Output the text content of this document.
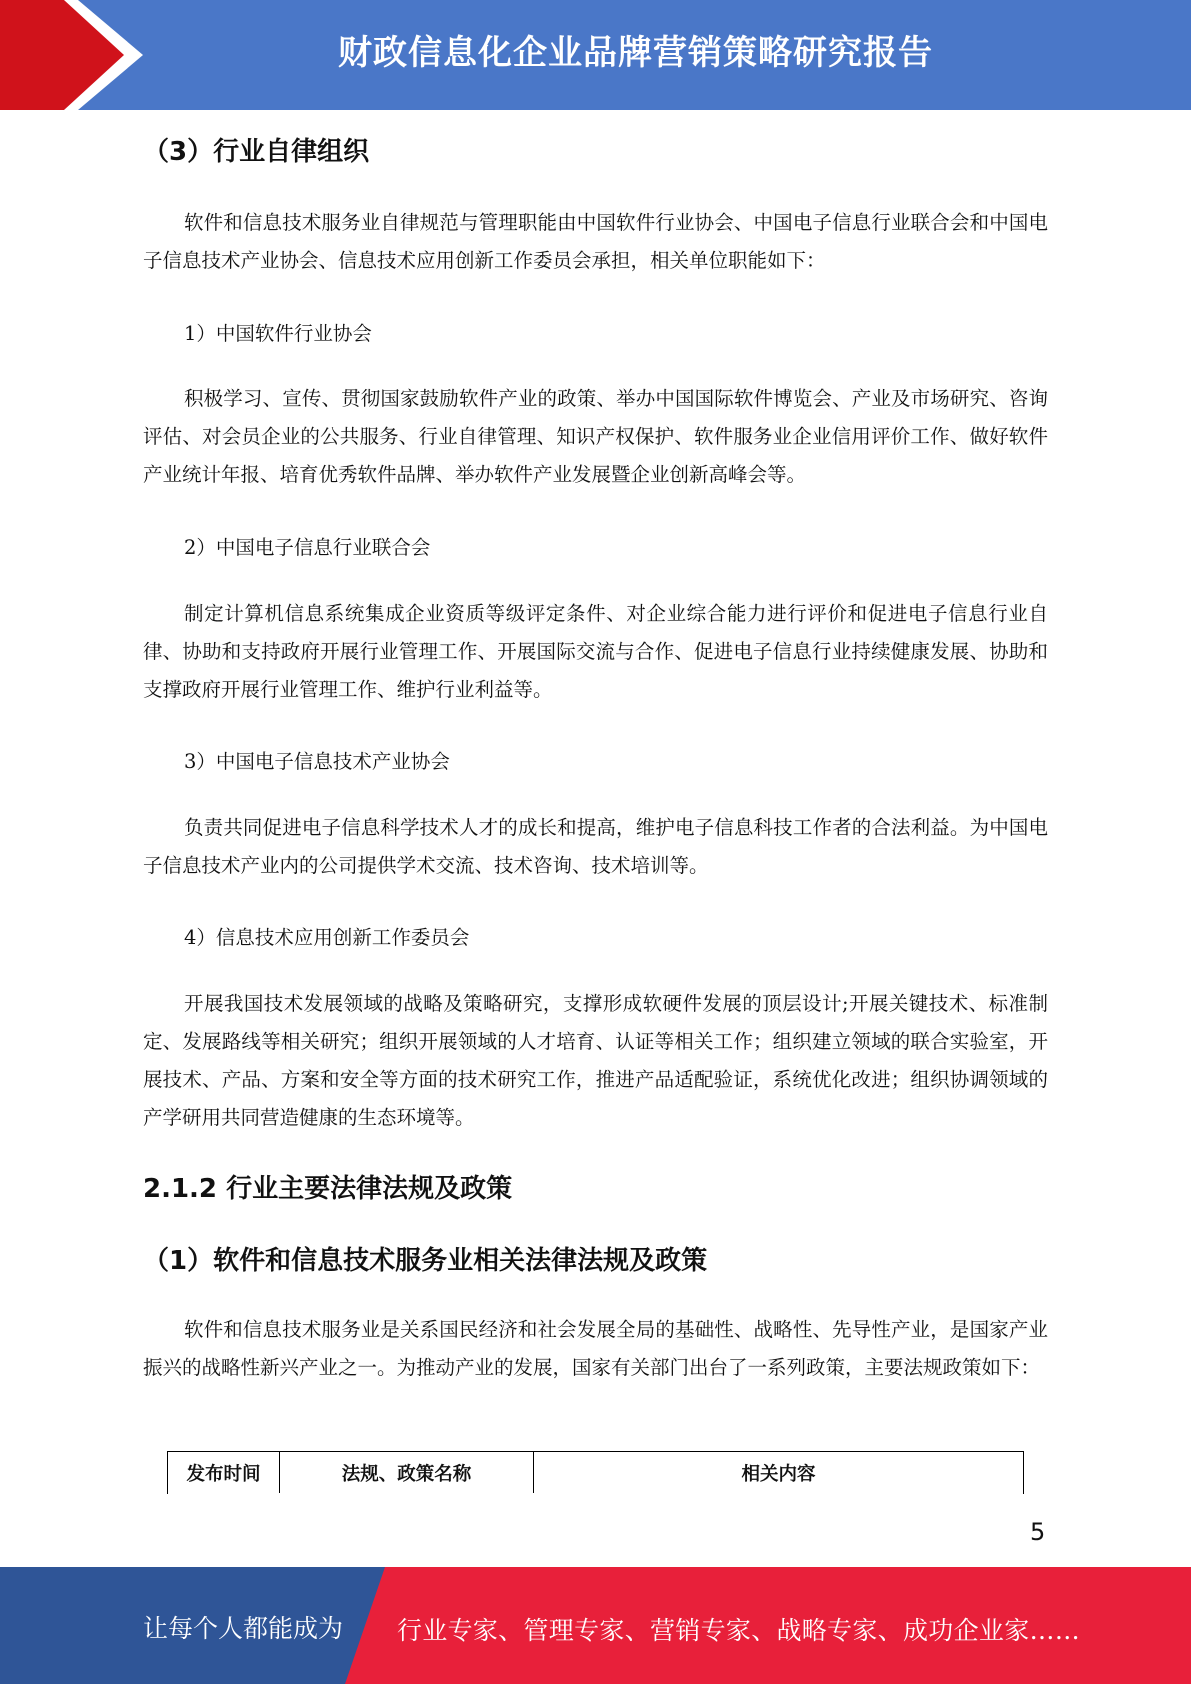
财政信息化企业品牌营销策略研究报告
（3）行业自律组织
软件和信息技术服务业自律规范与管理职能由中国软件行业协会、中国电子信息行业联合会和中国电子信息技术产业协会、信息技术应用创新工作委员会承担，相关单位职能如下：
1）中国软件行业协会
积极学习、宣传、贯彻国家鼓励软件产业的政策、举办中国国际软件博览会、产业及市场研究、咨询评估、对会员企业的公共服务、行业自律管理、知识产权保护、软件服务业企业信用评价工作、做好软件产业统计年报、培育优秀软件品牌、举办软件产业发展暨企业创新高峰会等。
2）中国电子信息行业联合会
制定计算机信息系统集成企业资质等级评定条件、对企业综合能力进行评价和促进电子信息行业自律、协助和支持政府开展行业管理工作、开展国际交流与合作、促进电子信息行业持续健康发展、协助和支撑政府开展行业管理工作、维护行业利益等。
3）中国电子信息技术产业协会
负责共同促进电子信息科学技术人才的成长和提高，维护电子信息科技工作者的合法利益。为中国电子信息技术产业内的公司提供学术交流、技术咨询、技术培训等。
4）信息技术应用创新工作委员会
开展我国技术发展领域的战略及策略研究，支撑形成软硬件发展的顶层设计;开展关键技术、标准制定、发展路线等相关研究；组织开展领域的人才培育、认证等相关工作；组织建立领域的联合实验室，开展技术、产品、方案和安全等方面的技术研究工作，推进产品适配验证，系统优化改进；组织协调领域的产学研用共同营造健康的生态环境等。
2.1.2 行业主要法律法规及政策
（1）软件和信息技术服务业相关法律法规及政策
软件和信息技术服务业是关系国民经济和社会发展全局的基础性、战略性、先导性产业，是国家产业振兴的战略性新兴产业之一。为推动产业的发展，国家有关部门出台了一系列政策，主要法规政策如下：
发布时间	法规、政策名称	相关内容
5
让每个人都能成为 行业专家、管理专家、营销专家、战略专家、成功企业家……
